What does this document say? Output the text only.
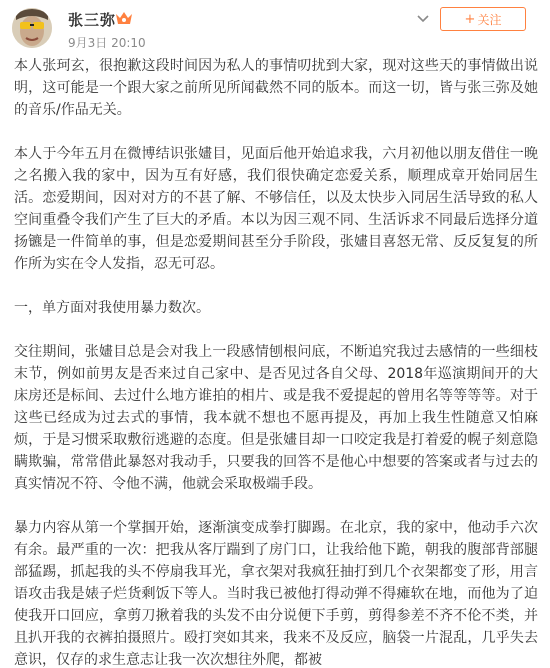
张三弥
9月3日 20:10
+ 关注

本人张珂玄，很抱歉这段时间因为私人的事情叨扰到大家，现对这些天的事情做出说明，这可能是一个跟大家之前所见所闻截然不同的版本。而这一切，皆与张三弥及她的音乐/作品无关。

本人于今年五月在微博结识张嫿目，见面后他开始追求我，六月初他以朋友借住一晚之名搬入我的家中，因为互有好感，我们很快确定恋爱关系，顺理成章开始同居生活。恋爱期间，因对对方的不甚了解、不够信任，以及太快步入同居生活导致的私人空间重叠令我们产生了巨大的矛盾。本以为因三观不同、生活诉求不同最后选择分道扬镳是一件简单的事，但是恋爱期间甚至分手阶段，张嫿目喜怒无常、反反复复的所作所为实在令人发指，忍无可忍。

一，单方面对我使用暴力数次。

交往期间，张嫿目总是会对我上一段感情刨根问底，不断追究我过去感情的一些细枝末节，例如前男友是否来过自己家中、是否见过各自父母、2018年巡演期间开的大床房还是标间、去过什么地方谁拍的相片、或是我不爱提起的曾用名等等等等。对于这些已经成为过去式的事情，我本就不想也不愿再提及，再加上我生性随意又怕麻烦，于是习惯采取敷衍逃避的态度。但是张嫿目却一口咬定我是打着爱的幌子刻意隐瞒欺骗，常常借此暴怒对我动手，只要我的回答不是他心中想要的答案或者与过去的真实情况不符、令他不满，他就会采取极端手段。

暴力内容从第一个掌掴开始，逐渐演变成拳打脚踢。在北京，我的家中，他动手六次有余。最严重的一次：把我从客厅踹到了房门口，让我给他下跪，朝我的腹部背部腿部猛踢，抓起我的头不停扇我耳光，拿衣架对我疯狂抽打到几个衣架都变了形，用言语攻击我是婊子烂货剩饭下等人。当时我已被他打得动弹不得瘫软在地，而他为了迫使我开口回应，拿剪刀揪着我的头发不由分说便下手剪，剪得参差不齐不伦不类，并且扒开我的衣裤拍摄照片。殴打突如其来，我来不及反应，脑袋一片混乱，几乎失去意识，仅存的求生意志让我一次次想往外爬，都被
